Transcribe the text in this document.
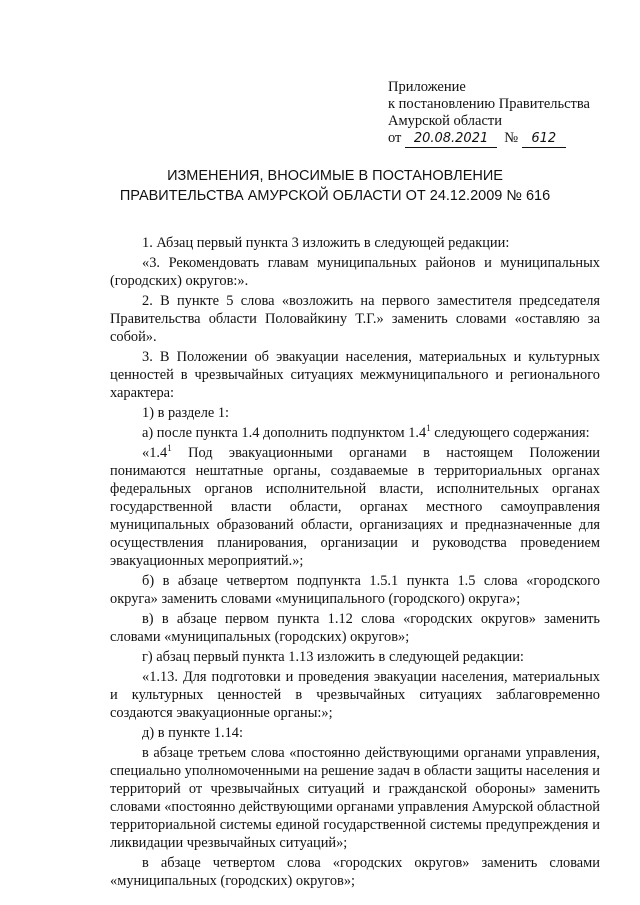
Приложение
к постановлению Правительства
Амурской области
от 20.08.2021 № 612
ИЗМЕНЕНИЯ, ВНОСИМЫЕ В ПОСТАНОВЛЕНИЕ
ПРАВИТЕЛЬСТВА АМУРСКОЙ ОБЛАСТИ ОТ 24.12.2009 № 616

1. Абзац первый пункта 3 изложить в следующей редакции:

«3. Рекомендовать главам муниципальных районов и муниципальных (городских) округов:».

2. В пункте 5 слова «возложить на первого заместителя председателя Правительства области Половайкину Т.Г.» заменить словами «оставляю за собой».

3. В Положении об эвакуации населения, материальных и культурных ценностей в чрезвычайных ситуациях межмуниципального и регионального характера:

1) в разделе 1:

а) после пункта 1.4 дополнить подпунктом $1.4^1$ следующего содержания:

«$1.4^1$ Под эвакуационными органами в настоящем Положении понимаются нештатные органы, создаваемые в территориальных органах федеральных органов исполнительной власти, исполнительных органах государственной власти области, органах местного самоуправления муниципальных образований области, организациях и предназначенные для осуществления планирования, организации и руководства проведением эвакуационных мероприятий.»;

б) в абзаце четвертом подпункта 1.5.1 пункта 1.5 слова «городского округа» заменить словами «муниципального (городского) округа»;

в) в абзаце первом пункта 1.12 слова «городских округов» заменить словами «муниципальных (городских) округов»;

г) абзац первый пункта 1.13 изложить в следующей редакции:

«1.13. Для подготовки и проведения эвакуации населения, материальных и культурных ценностей в чрезвычайных ситуациях заблаговременно создаются эвакуационные органы:»;

д) в пункте 1.14:

в абзаце третьем слова «постоянно действующими органами управления, специально уполномоченными на решение задач в области защиты населения и территорий от чрезвычайных ситуаций и гражданской обороны» заменить словами «постоянно действующими органами управления Амурской областной территориальной системы единой государственной системы предупреждения и ликвидации чрезвычайных ситуаций»;

в абзаце четвертом слова «городских округов» заменить словами «муниципальных (городских) округов»;
